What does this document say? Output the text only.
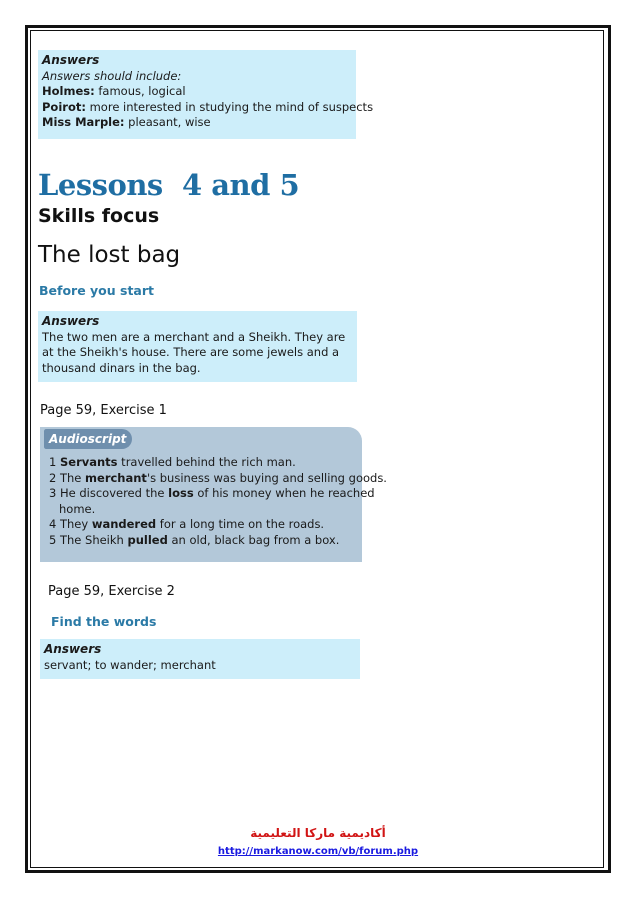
Answers
Answers should include:
Holmes: famous, logical
Poirot: more interested in studying the mind of suspects
Miss Marple: pleasant, wise
Lessons  4 and 5
Skills focus
The lost bag
Before you start
Answers
The two men are a merchant and a Sheikh. They are
at the Sheikh's house. There are some jewels and a
thousand dinars in the bag.
Page 59, Exercise 1
Audioscript
1 Servants travelled behind the rich man.
2 The merchant's business was buying and selling goods.
3 He discovered the loss of his money when he reached
home.
4 They wandered for a long time on the roads.
5 The Sheikh pulled an old, black bag from a box.
Page 59, Exercise 2
Find the words
Answers
servant; to wander; merchant
أكاديمية ماركا التعليمية
http://markanow.com/vb/forum.php
